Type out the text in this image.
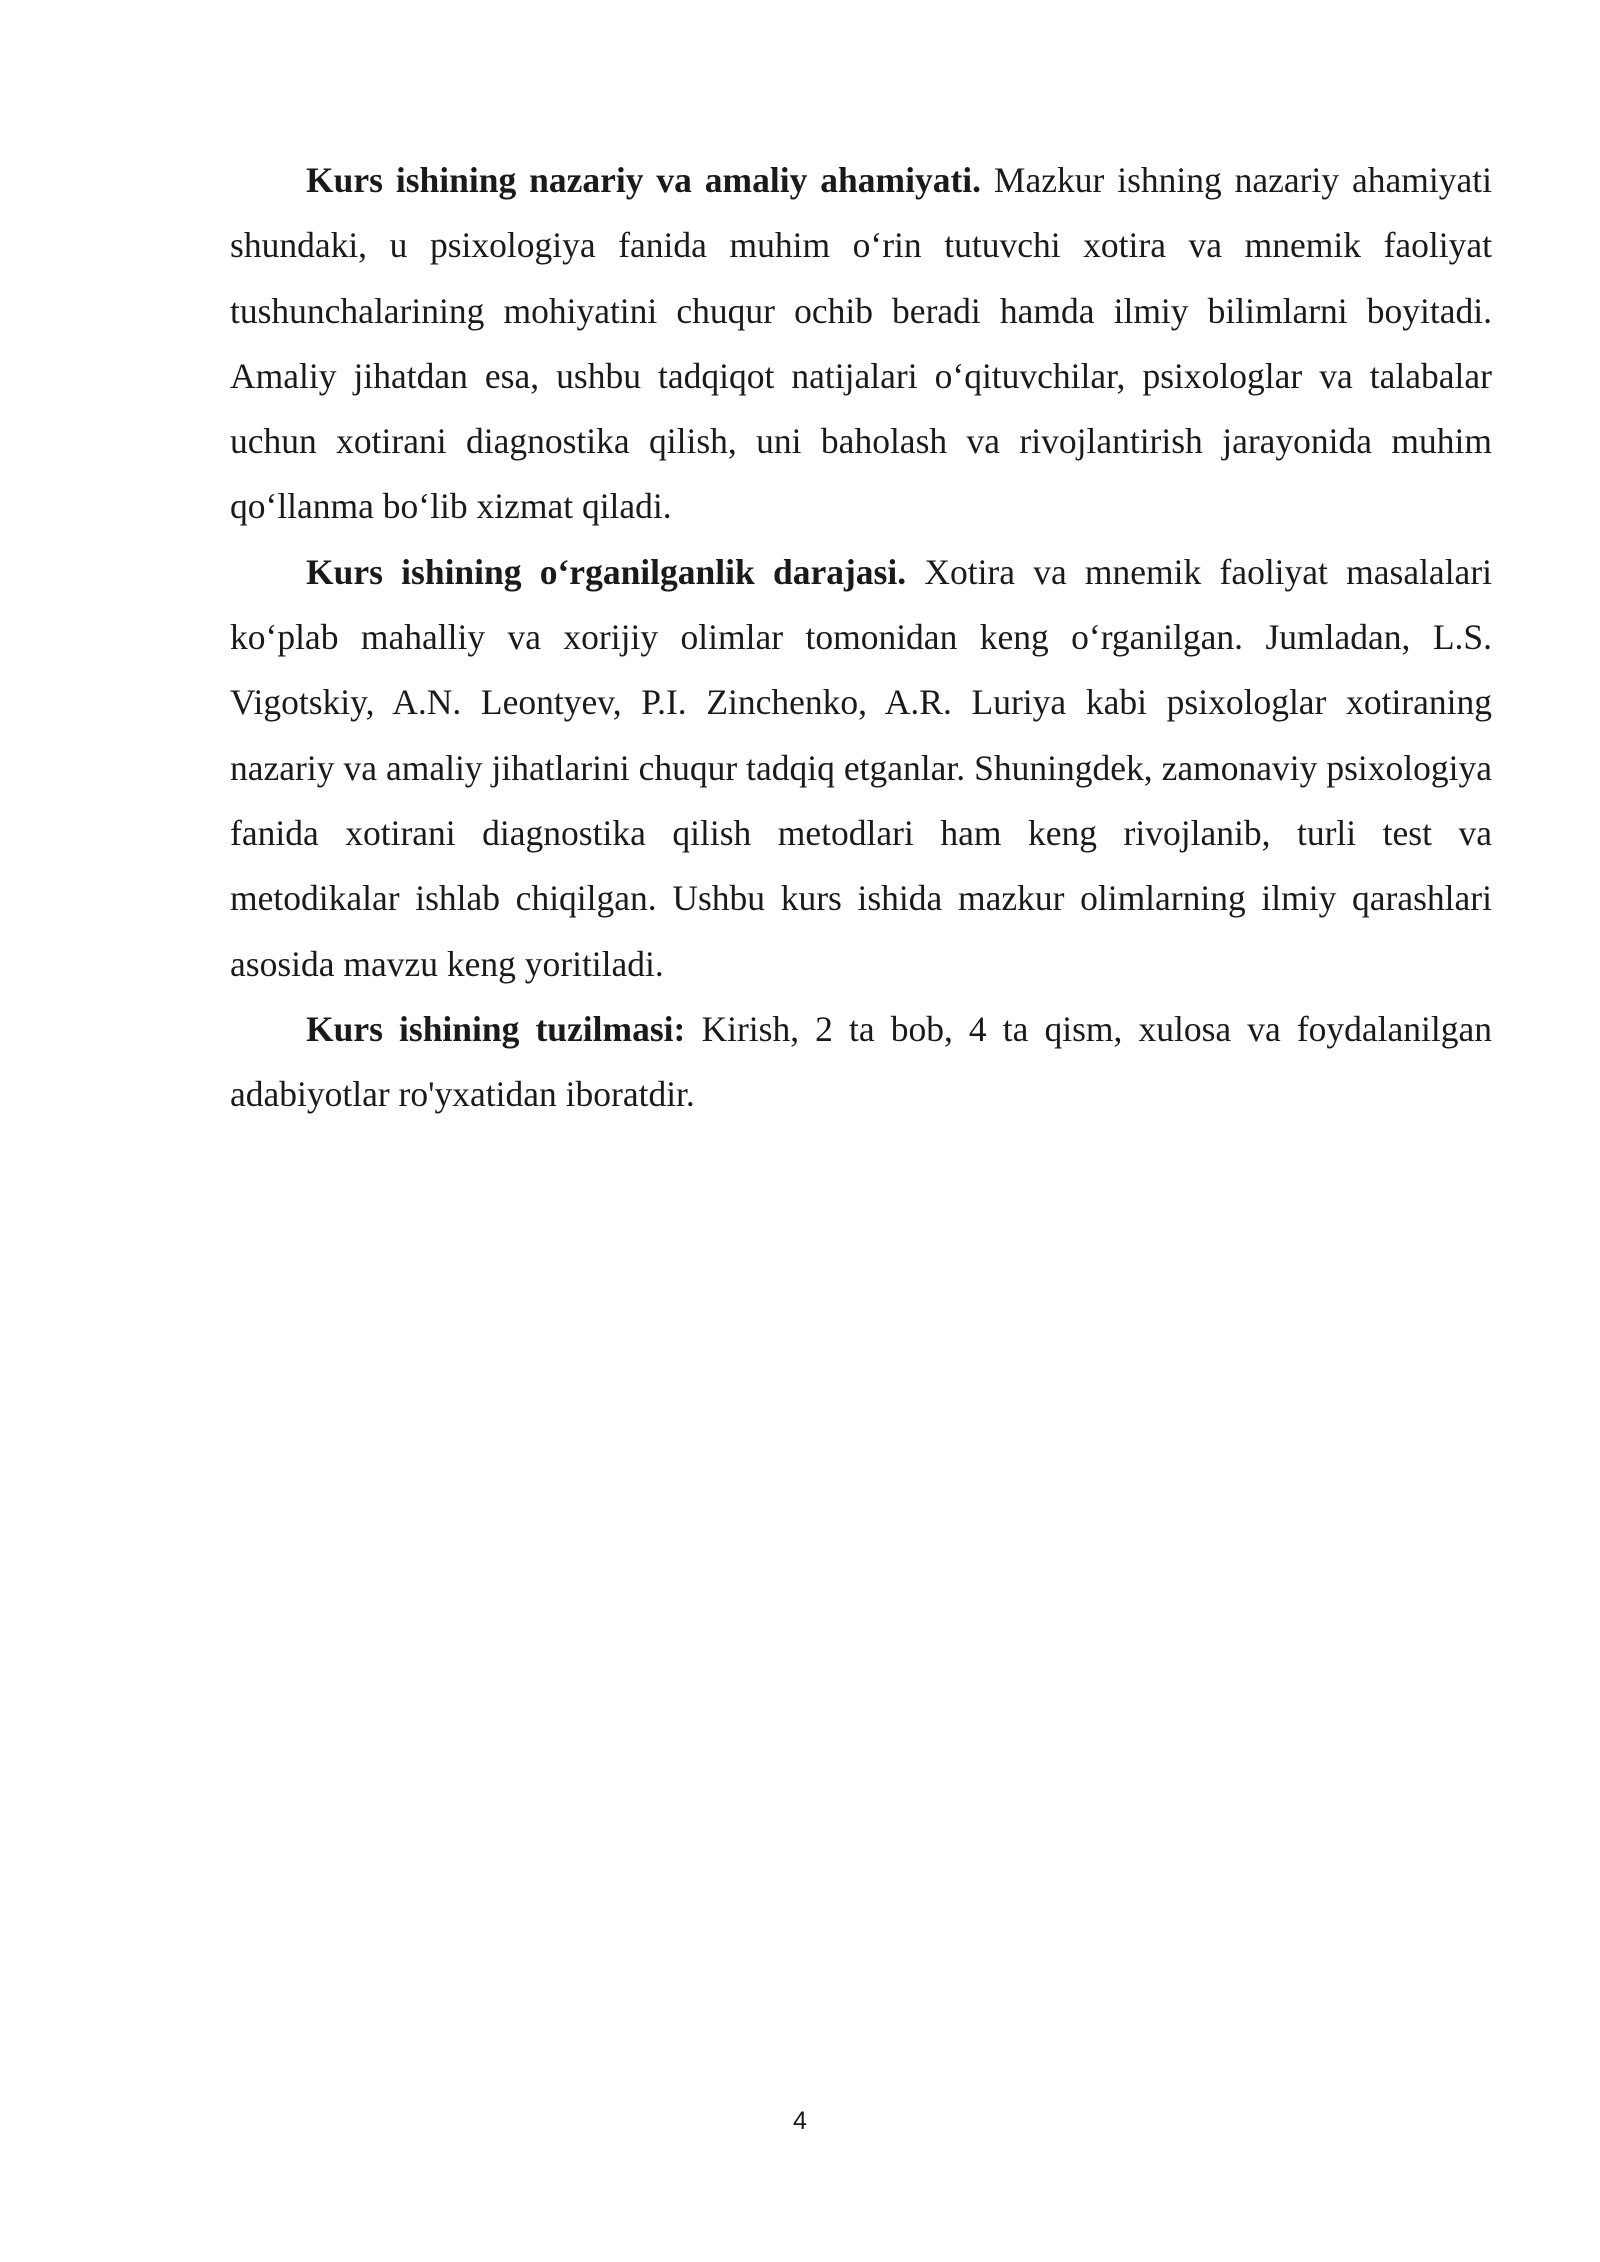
Kurs ishining nazariy va amaliy ahamiyati. Mazkur ishning nazariy ahamiyati shundaki, u psixologiya fanida muhim o‘rin tutuvchi xotira va mnemik faoliyat tushunchalarining mohiyatini chuqur ochib beradi hamda ilmiy bilimlarni boyitadi. Amaliy jihatdan esa, ushbu tadqiqot natijalari o‘qituvchilar, psixologlar va talabalar uchun xotirani diagnostika qilish, uni baholash va rivojlantirish jarayonida muhim qo‘llanma bo‘lib xizmat qiladi.

Kurs ishining o‘rganilganlik darajasi. Xotira va mnemik faoliyat masalalari ko‘plab mahalliy va xorijiy olimlar tomonidan keng o‘rganilgan. Jumladan, L.S. Vigotskiy, A.N. Leontyev, P.I. Zinchenko, A.R. Luriya kabi psixologlar xotiraning nazariy va amaliy jihatlarini chuqur tadqiq etganlar. Shuningdek, zamonaviy psixologiya fanida xotirani diagnostika qilish metodlari ham keng rivojlanib, turli test va metodikalar ishlab chiqilgan. Ushbu kurs ishida mazkur olimlarning ilmiy qarashlari asosida mavzu keng yoritiladi.

Kurs ishining tuzilmasi: Kirish, 2 ta bob, 4 ta qism, xulosa va foydalanilgan adabiyotlar ro'yxatidan iboratdir.

4
